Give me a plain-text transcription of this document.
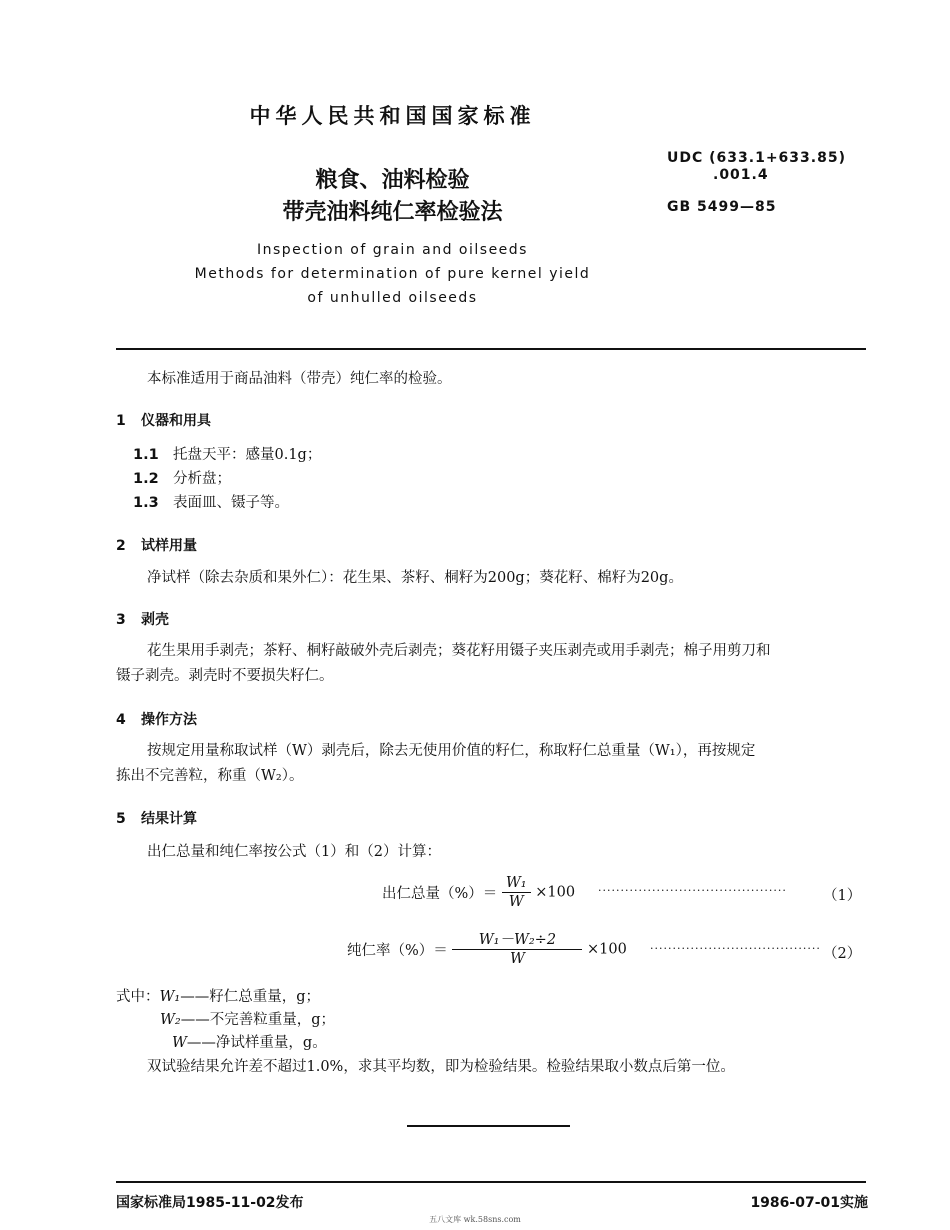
中华人民共和国国家标准
粮食、油料检验
带壳油料纯仁率检验法
Inspection of grain and oilseeds
Methods for determination of pure kernel yield
of unhulled oilseeds
UDC (633.1+633.85)
.001.4
GB 5499—85
本标准适用于商品油料（带壳）纯仁率的检验。
1 仪器和用具
1.1 托盘天平：感量0.1g；
1.2 分析盘；
1.3 表面皿、镊子等。
2 试样用量
净试样（除去杂质和果外仁）：花生果、茶籽、桐籽为200g；葵花籽、棉籽为20g。
3 剥壳
花生果用手剥壳；茶籽、桐籽敲破外壳后剥壳；葵花籽用镊子夹压剥壳或用手剥壳；棉子用剪刀和
镊子剥壳。剥壳时不要损失籽仁。
4 操作方法
按规定用量称取试样（W）剥壳后，除去无使用价值的籽仁，称取籽仁总重量（W₁），再按规定
拣出不完善粒，称重（W₂）。
5 结果计算
出仁总量和纯仁率按公式（1）和（2）计算：
出仁总量（%）＝ $\frac{\text{W₁}}{W} \times 100$ ·········································· （1）
纯仁率（%）＝ $\frac{\text{W₁－W₂÷2}}{W} \times 100$ ······································ （2）
式中：W₁——籽仁总重量，g；
W₂——不完善粒重量，g；
W——净试样重量，g。
双试验结果允许差不超过1.0%，求其平均数，即为检验结果。检验结果取小数点后第一位。
国家标准局1985-11-02发布	1986-07-01实施
五八文库 wk.58sns.com
